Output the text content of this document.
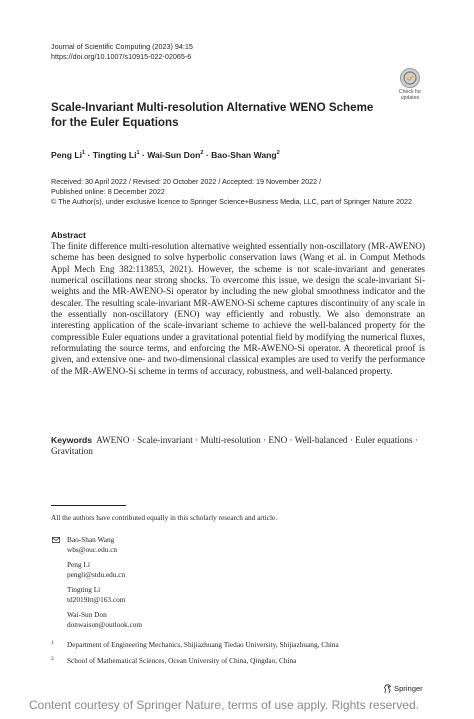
Journal of Scientific Computing (2023) 94:15
https://doi.org/10.1007/s10915-022-02065-6
Check for
updates
Scale-Invariant Multi-resolution Alternative WENO Scheme for the Euler Equations
Peng $Li^1$ · Tingting $Li^1 \cdot Wai-Sun$ Don$^2$ · Bao-Shan Wang$^2$
Received: 30 April 2022 / Revised: 20 October 2022 / Accepted: 19 November 2022 /
Published online: 8 December 2022
© The Author(s), under exclusive licence to Springer Science+Business Media, LLC, part of Springer Nature 2022
Abstract
The finite difference multi-resolution alternative weighted essentially non-oscillatory (MR-AWENO) scheme has been designed to solve hyperbolic conservation laws (Wang et al. in Comput Methods Appl Mech Eng 382:113853, 2021). However, the scheme is not scale-invariant and generates numerical oscillations near strong shocks. To overcome this issue, we design the scale-invariant Si-weights and the MR-AWENO-Si operator by including the new global smoothness indicator and the descaler. The resulting scale-invariant MR-AWENO-Si scheme captures discontinuity of any scale in the essentially non-oscillatory (ENO) way efficiently and robustly. We also demonstrate an interesting application of the scale-invariant scheme to achieve the well-balanced property for the compressible Euler equations under a gravitational potential field by modifying the numerical fluxes, reformulating the source terms, and enforcing the MR-AWENO-Si operator. A theoretical proof is given, and extensive one- and two-dimensional classical examples are used to verify the performance of the MR-AWENO-Si scheme in terms of accuracy, robustness, and well-balanced property.
Keywords AWENO · Scale-invariant · Multi-resolution · ENO · Well-balanced · Euler equations · Gravitation
All the authors have contributed equally in this scholarly research and article.
Bao-Shan Wang
wbs@ouc.edu.cn
Peng Li
pengli@stdu.edu.cn
Tingting Li
td2019ltt@163.com
Wai-Sun Don
donwaisun@outlook.com
1 Department of Engineering Mechanics, Shijiazhuang Tiedao University, Shijiazhuang, China
2 School of Mathematical Sciences, Ocean University of China, Qingdao, China
Springer
Content courtesy of Springer Nature, terms of use apply. Rights reserved.
